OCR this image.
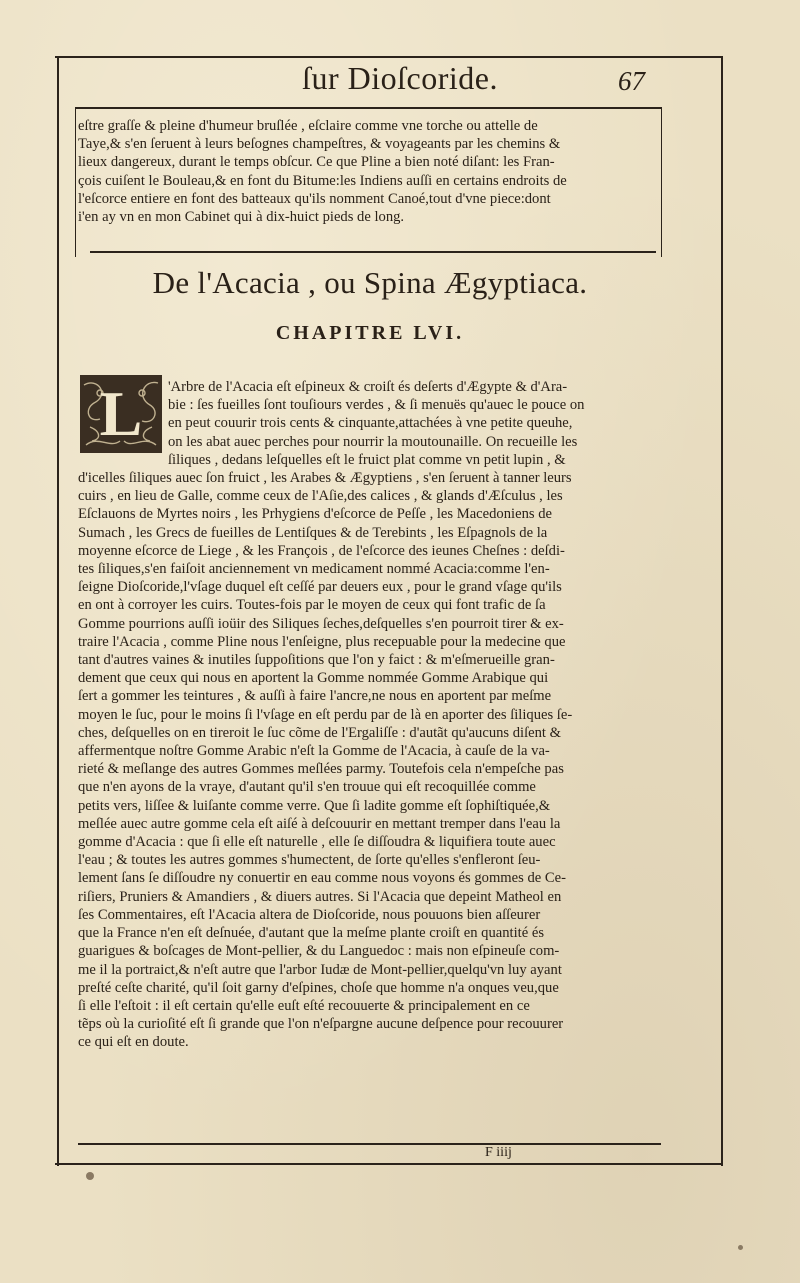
ſur Dioſcoride.	67
eſtre graſſe & pleine d'humeur bruſlée , eſclaire comme vne torche ou attelle de
Taye,& s'en ſeruent à leurs beſognes champeſtres, & voyageants par les chemins &
lieux dangereux, durant le temps obſcur. Ce que Pline a bien noté diſant: les Fran-
çois cuiſent le Bouleau,& en font du Bitume:les Indiens auſſi en certains endroits de
l'eſcorce entiere en font des batteaux qu'ils nomment Canoé,tout d'vne piece:dont
i'en ay vn en mon Cabinet qui à dix-huict pieds de long.
De l'Acacia , ou Spina Ægyptiaca.
CHAPITRE LVI.
L	'Arbre de l'Acacia eſt eſpineux & croiſt és deſerts d'Ægypte & d'Ara-
bie : ſes fueilles ſont touſiours verdes , & ſi menuës qu'auec le pouce on
en peut couurir trois cents & cinquante,attachées à vne petite queuhe,
on les abat auec perches pour nourrir la moutounaille. On recueille les
ſiliques , dedans leſquelles eſt le fruict plat comme vn petit lupin , &
d'icelles ſiliques auec ſon fruict , les Arabes & Ægyptiens , s'en ſeruent à tanner leurs
cuirs , en lieu de Galle, comme ceux de l'Aſie,des calices , & glands d'Æſculus , les
Eſclauons de Myrtes noirs , les Prhygiens d'eſcorce de Peſſe , les Macedoniens de
Sumach , les Grecs de fueilles de Lentiſques & de Terebints , les Eſpagnols de la
moyenne eſcorce de Liege , & les François , de l'eſcorce des ieunes Cheſnes : deſdi-
tes ſiliques,s'en faiſoit anciennement vn medicament nommé Acacia:comme l'en-
ſeigne Dioſcoride,l'vſage duquel eſt ceſſé par deuers eux , pour le grand vſage qu'ils
en ont à corroyer les cuirs. Toutes-fois par le moyen de ceux qui font trafic de ſa
Gomme pourrions auſſi ioüir des Siliques ſeches,deſquelles s'en pourroit tirer & ex-
traire l'Acacia , comme Pline nous l'enſeigne, plus recepuable pour la medecine que
tant d'autres vaines & inutiles ſuppoſitions que l'on y faict : & m'eſmerueille gran-
dement que ceux qui nous en aportent la Gomme nommée Gomme Arabique qui
ſert a gommer les teintures , & auſſi à faire l'ancre,ne nous en aportent par meſme
moyen le ſuc, pour le moins ſi l'vſage en eſt perdu par de là en aporter des ſiliques ſe-
ches, deſquelles on en tireroit le ſuc cõme de l'Ergaliſſe : d'autãt qu'aucuns diſent &
affermentque noſtre Gomme Arabic n'eſt la Gomme de l'Acacia, à cauſe de la va-
rieté & meſlange des autres Gommes meſlées parmy. Toutefois cela n'empeſche pas
que n'en ayons de la vraye, d'autant qu'il s'en trouue qui eſt recoquillée comme
petits vers, liſſee & luiſante comme verre. Que ſi ladite gomme eſt ſophiſtiquée,&
meſlée auec autre gomme cela eſt aiſé à deſcouurir en mettant tremper dans l'eau la
gomme d'Acacia : que ſi elle eſt naturelle , elle ſe diſſoudra & liquifiera toute auec
l'eau ; & toutes les autres gommes s'humectent, de ſorte qu'elles s'enfleront ſeu-
lement ſans ſe diſſoudre ny conuertir en eau comme nous voyons és gommes de Ce-
riſiers, Pruniers & Amandiers , & diuers autres. Si l'Acacia que depeint Matheol en
ſes Commentaires, eſt l'Acacia altera de Dioſcoride, nous pouuons bien aſſeurer
que la France n'en eſt deſnuée, d'autant que la meſme plante croiſt en quantité és
guarigues & boſcages de Mont-pellier, & du Languedoc : mais non eſpineuſe com-
me il la portraict,& n'eſt autre que l'arbor Iudæ de Mont-pellier,quelqu'vn luy ayant
preſté ceſte charité, qu'il ſoit garny d'eſpines, choſe que homme n'a onques veu,que
ſi elle l'eſtoit : il eſt certain qu'elle euſt eſté recouuerte & principalement en ce
tẽps où la curioſité eſt ſi grande que l'on n'eſpargne aucune deſpence pour recouurer
ce qui eſt en doute.
F iiij
